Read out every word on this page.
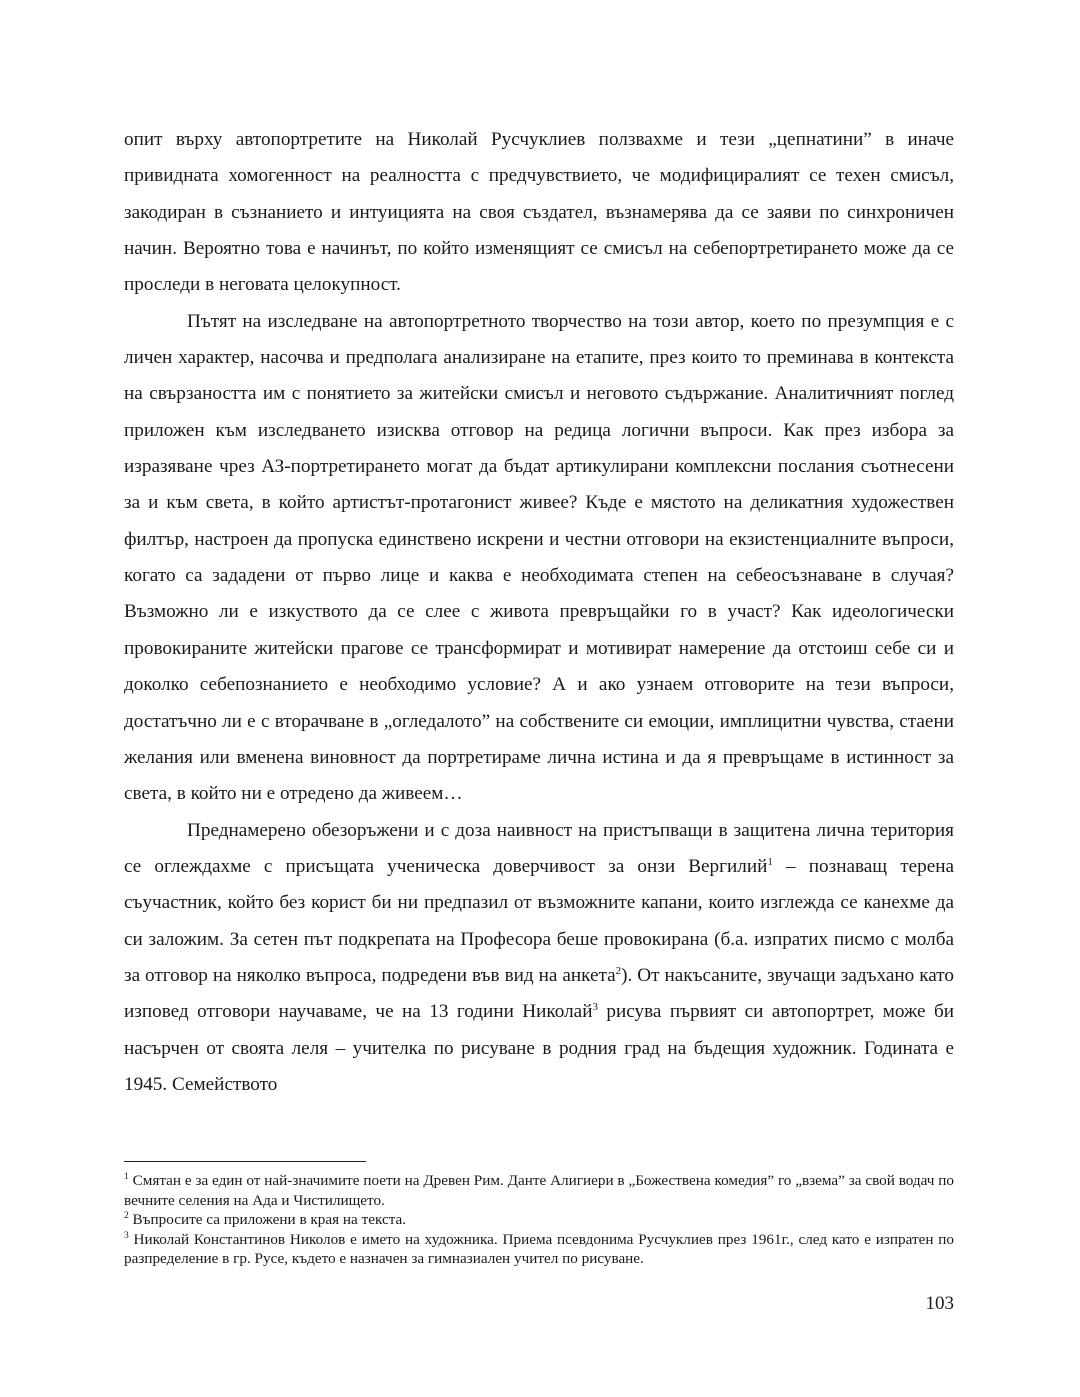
опит върху автопортретите на Николай Русчуклиев ползвахме и тези „цепнатини” в иначе привидната хомогенност на реалността с предчувствието, че модифициралият се техен смисъл, закодиран в съзнанието и интуицията на своя създател, възнамерява да се заяви по синхроничен начин. Вероятно това е начинът, по който изменящият се смисъл на себепортретирането може да се проследи в неговата целокупност.

Пътят на изследване на автопортретното творчество на този автор, което по презумпция е с личен характер, насочва и предполага анализиране на етапите, през които то преминава в контекста на свързаността им с понятието за житейски смисъл и неговото съдържание. Аналитичният поглед приложен към изследването изисква отговор на редица логични въпроси. Как през избора за изразяване чрез АЗ-портретирането могат да бъдат артикулирани комплексни послания съотнесени за и към света, в който артистът-протагонист живее? Къде е мястото на деликатния художествен филтър, настроен да пропуска единствено искрени и честни отговори на екзистенциалните въпроси, когато са зададени от първо лице и каква е необходимата степен на себеосъзнаване в случая? Възможно ли е изкуството да се слее с живота превръщайки го в участ? Как идеологически провокираните житейски прагове се трансформират и мотивират намерение да отстоиш себе си и доколко себепознанието е необходимо условие? А и ако узнаем отговорите на тези въпроси, достатъчно ли е с вторачване в „огледалото” на собствените си емоции, имплицитни чувства, стаени желания или вменена виновност да портретираме лична истина и да я превръщаме в истинност за света, в който ни е отредено да живеем…

Преднамерено обезоръжени и с доза наивност на пристъпващи в защитена лична територия се оглеждахме с присъщата ученическа доверчивост за онзи Вергилий$^1$ – познаващ терена съучастник, който без корист би ни предпазил от възможните капани, които изглежда се канехме да си заложим. За сетен път подкрепата на Професора беше провокирана (б.а. изпратих писмо с молба за отговор на няколко въпроса, подредени във вид на анкета$^2$). От накъсаните, звучащи задъхано като изповед отговори научаваме, че на 13 години Николай$^3$ рисува първият си автопортрет, може би насърчен от своята леля – учителка по рисуване в родния град на бъдещия художник. Годината е 1945. Семейството

$^1$ Смятан е за един от най-значимите поети на Древен Рим. Данте Алигиери в „Божествена комедия” го „взема” за свой водач по вечните селения на Ада и Чистилището.

$^2$ Въпросите са приложени в края на текста.

$^3$ Николай Константинов Николов е името на художника. Приема псевдонима Русчуклиев през 1961г., след като е изпратен по разпределение в гр. Русе, където е назначен за гимназиален учител по рисуване.

103
